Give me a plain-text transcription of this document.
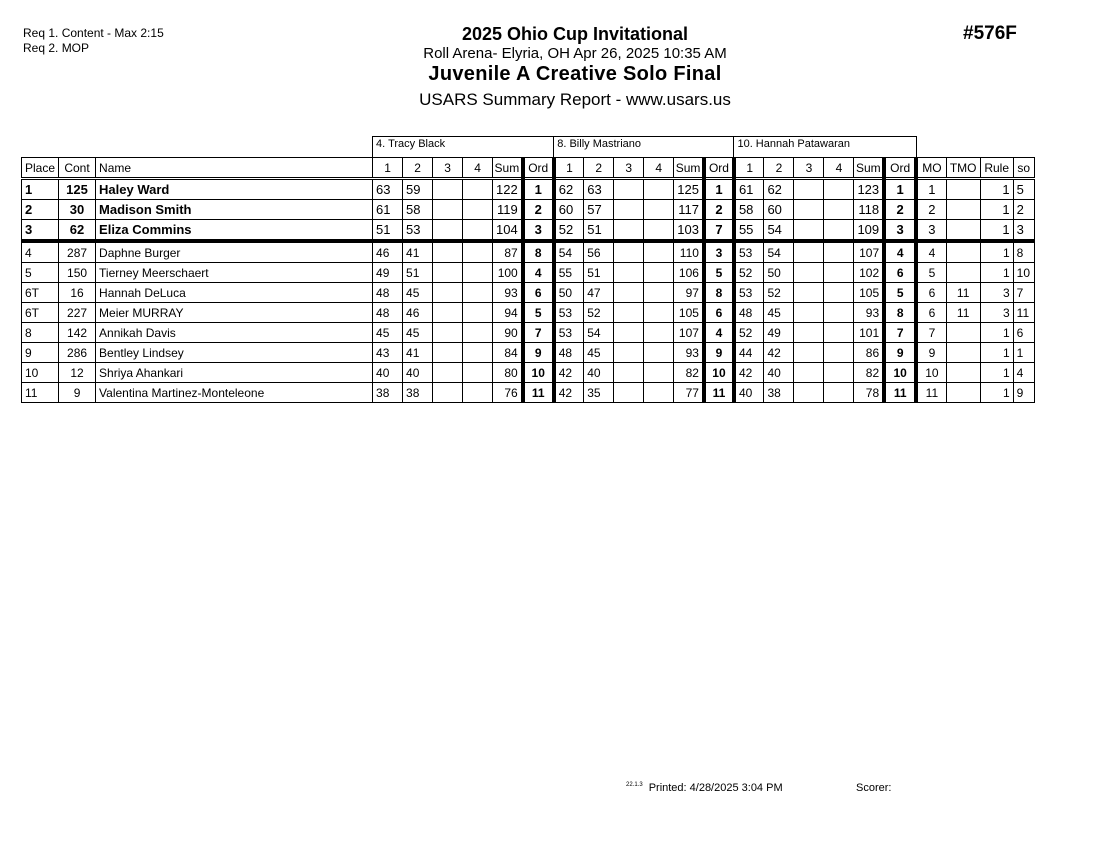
Req 1. Content - Max 2:15
Req 2. MOP
2025 Ohio Cup Invitational
Roll Arena- Elyria, OH Apr 26, 2025 10:35 AM
Juvenile A Creative Solo Final
USARS Summary Report - www.usars.us
#576F
			4. Tracy Black						8. Billy Mastriano						10. Hannah Patawaran									
Place	Cont	Name	1	2	3	4	Sum	Ord	1	2	3	4	Sum	Ord	1	2	3	4	Sum	Ord	MO	TMO	Rule	so
1	125	Haley Ward	63	59			122	1	62	63			125	1	61	62			123	1	1		1	5
2	30	Madison Smith	61	58			119	2	60	57			117	2	58	60			118	2	2		1	2
3	62	Eliza Commins	51	53			104	3	52	51			103	7	55	54			109	3	3		1	3
4	287	Daphne Burger	46	41			87	8	54	56			110	3	53	54			107	4	4		1	8
5	150	Tierney Meerschaert	49	51			100	4	55	51			106	5	52	50			102	6	5		1	10
6T	16	Hannah DeLuca	48	45			93	6	50	47			97	8	53	52			105	5	6	11	3	7
6T	227	Meier MURRAY	48	46			94	5	53	52			105	6	48	45			93	8	6	11	3	11
8	142	Annikah Davis	45	45			90	7	53	54			107	4	52	49			101	7	7		1	6
9	286	Bentley Lindsey	43	41			84	9	48	45			93	9	44	42			86	9	9		1	1
10	12	Shriya Ahankari	40	40			80	10	42	40			82	10	42	40			82	10	10		1	4
11	9	Valentina Martinez-Monteleone	38	38			76	11	42	35			77	11	40	38			78	11	11		1	9
$^{22.1.3}$ Printed: 4/28/2025 3:04 PM	Scorer:
